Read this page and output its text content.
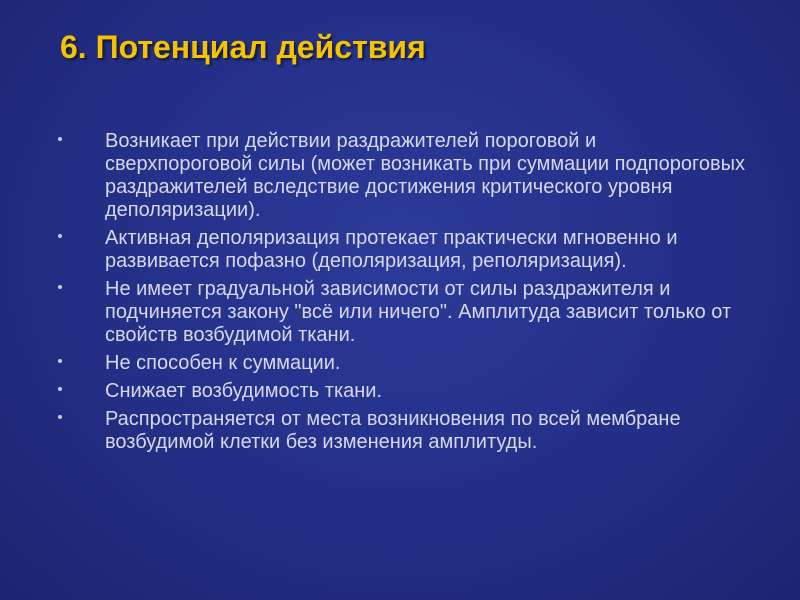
6. Потенциал действия
Возникает при действии раздражителей пороговой и сверхпороговой силы (может возникать при суммации подпороговых раздражителей вследствие достижения критического уровня деполяризации).
Активная деполяризация протекает практически мгновенно и развивается пофазно (деполяризация, реполяризация).
Не имеет градуальной зависимости от силы раздражителя и подчиняется закону "всё или ничего". Амплитуда зависит только от свойств возбудимой ткани.
Не способен к суммации.
Снижает возбудимость ткани.
Распространяется от места возникновения по всей мембране возбудимой клетки без изменения амплитуды.
